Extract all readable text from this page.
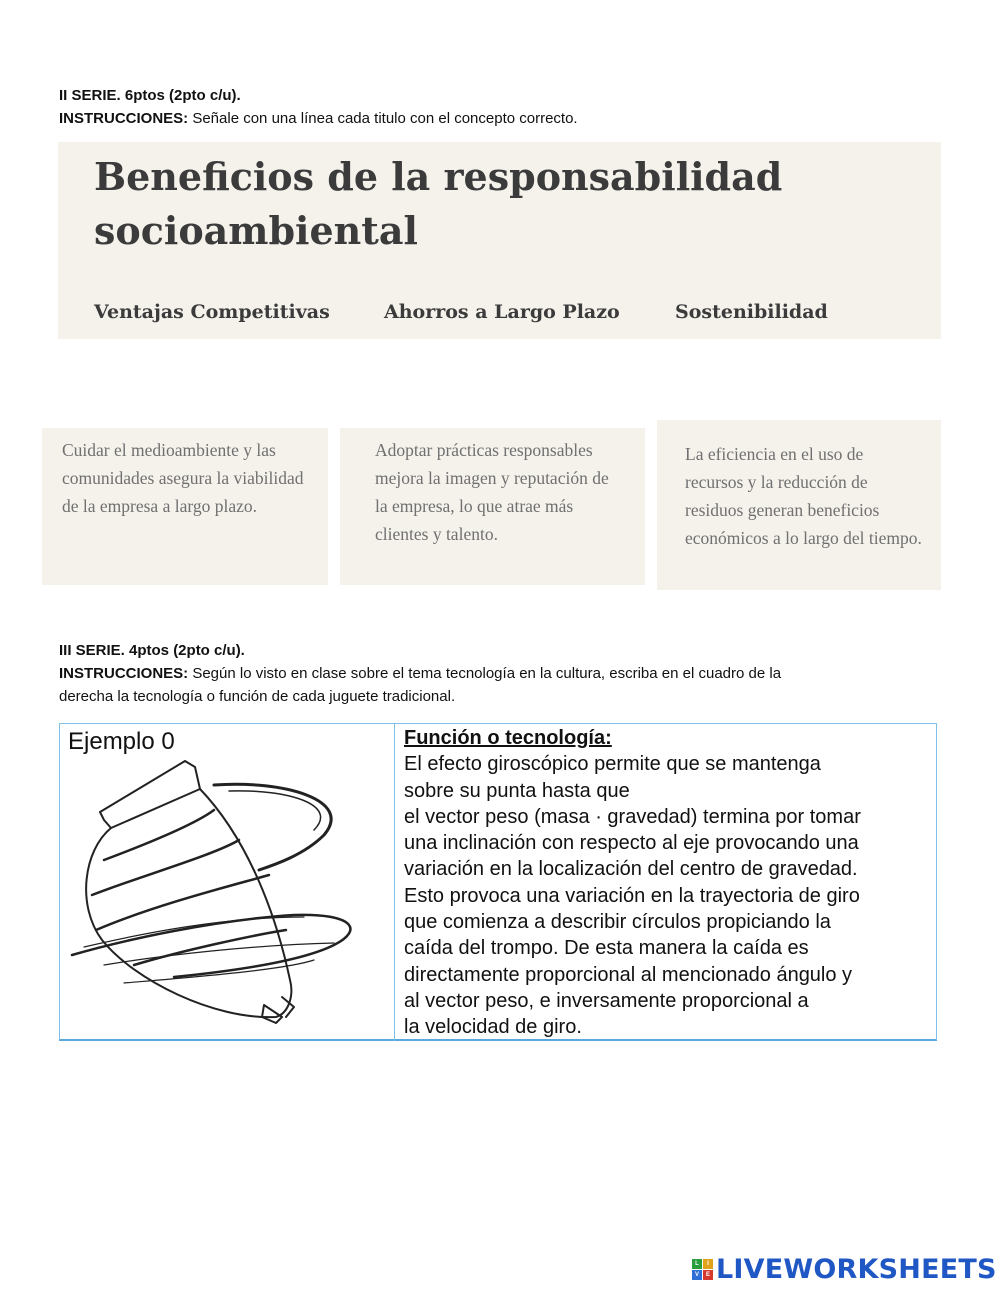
II SERIE. 6ptos (2pto c/u).
INSTRUCCIONES: Señale con una línea cada titulo con el concepto correcto.
Beneficios de la responsabilidad
socioambiental
Ventajas Competitivas	Ahorros a Largo Plazo	Sostenibilidad
Cuidar el medioambiente y las comunidades asegura la viabilidad de la empresa a largo plazo.
Adoptar prácticas responsables mejora la imagen y reputación de la empresa, lo que atrae más clientes y talento.
La eficiencia en el uso de recursos y la reducción de residuos generan beneficios económicos a lo largo del tiempo.
III SERIE. 4ptos (2pto c/u).
INSTRUCCIONES: Según lo visto en clase sobre el tema tecnología en la cultura, escriba en el cuadro de la
derecha la tecnología o función de cada juguete tradicional.
Ejemplo 0	Función o tecnología:
El efecto giroscópico permite que se mantenga
sobre su punta hasta que
el vector peso (masa · gravedad) termina por tomar
una inclinación con respecto al eje provocando una
variación en la localización del centro de gravedad.
Esto provoca una variación en la trayectoria de giro
que comienza a describir círculos propiciando la
caída del trompo. De esta manera la caída es
directamente proporcional al mencionado ángulo y
al vector peso, e inversamente proporcional a
la velocidad de giro.
L	I
V	E LIVEWORKSHEETS
